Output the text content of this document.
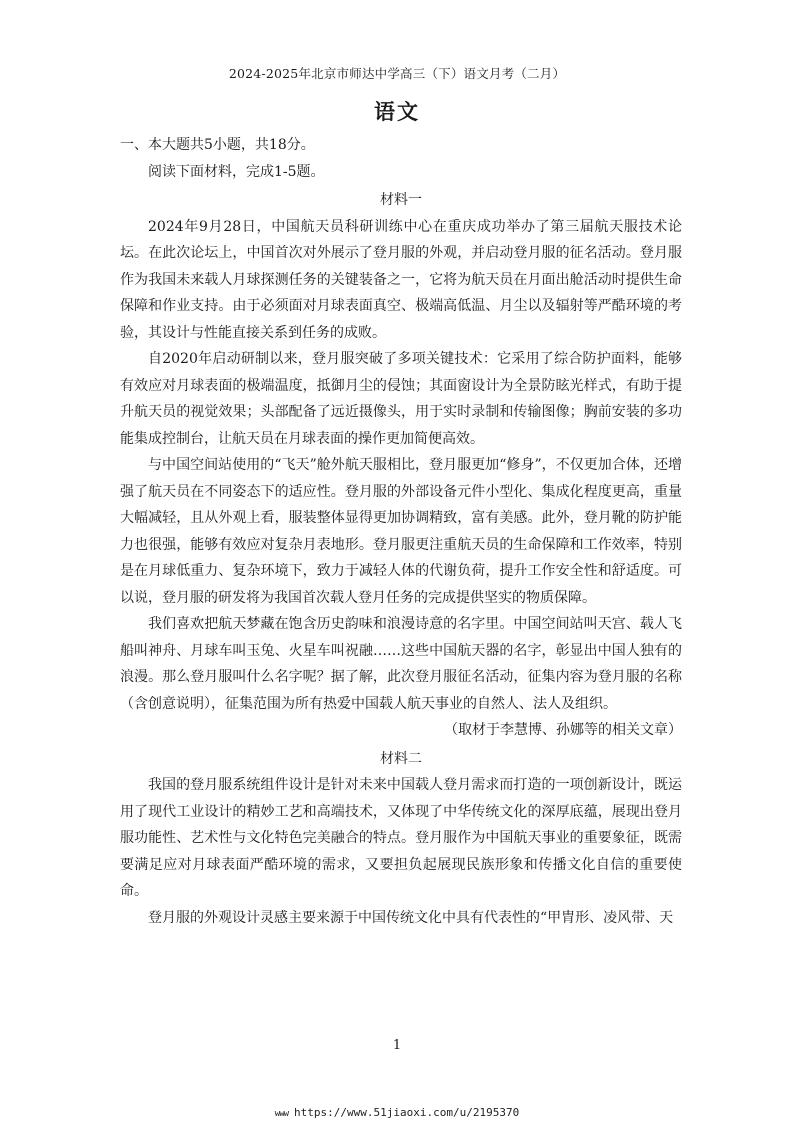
2024-2025年北京市师达中学高三（下）语文月考（二月）
语文

一、本大题共5小题，共18分。

阅读下面材料，完成1-5题。

材料一

2024年9月28日，中国航天员科研训练中心在重庆成功举办了第三届航天服技术论坛。在此次论坛上，中国首次对外展示了登月服的外观，并启动登月服的征名活动。登月服作为我国未来载人月球探测任务的关键装备之一，它将为航天员在月面出舱活动时提供生命保障和作业支持。由于必须面对月球表面真空、极端高低温、月尘以及辐射等严酷环境的考验，其设计与性能直接关系到任务的成败。

自2020年启动研制以来，登月服突破了多项关键技术：它采用了综合防护面料，能够有效应对月球表面的极端温度，抵御月尘的侵蚀；其面窗设计为全景防眩光样式，有助于提升航天员的视觉效果；头部配备了远近摄像头，用于实时录制和传输图像；胸前安装的多功能集成控制台，让航天员在月球表面的操作更加简便高效。

与中国空间站使用的“飞天”舱外航天服相比，登月服更加“修身”，不仅更加合体，还增强了航天员在不同姿态下的适应性。登月服的外部设备元件小型化、集成化程度更高，重量大幅减轻，且从外观上看，服装整体显得更加协调精致，富有美感。此外，登月靴的防护能力也很强，能够有效应对复杂月表地形。登月服更注重航天员的生命保障和工作效率，特别是在月球低重力、复杂环境下，致力于减轻人体的代谢负荷，提升工作安全性和舒适度。可以说，登月服的研发将为我国首次载人登月任务的完成提供坚实的物质保障。

我们喜欢把航天梦藏在饱含历史韵味和浪漫诗意的名字里。中国空间站叫天宫、载人飞船叫神舟、月球车叫玉兔、火星车叫祝融……这些中国航天器的名字，彰显出中国人独有的浪漫。那么登月服叫什么名字呢？据了解，此次登月服征名活动，征集内容为登月服的名称（含创意说明），征集范围为所有热爱中国载人航天事业的自然人、法人及组织。

（取材于李慧博、孙娜等的相关文章）

材料二

我国的登月服系统组件设计是针对未来中国载人登月需求而打造的一项创新设计，既运用了现代工业设计的精妙工艺和高端技术，又体现了中华传统文化的深厚底蕴，展现出登月服功能性、艺术性与文化特色完美融合的特点。登月服作为中国航天事业的重要象征，既需要满足应对月球表面严酷环境的需求，又要担负起展现民族形象和传播文化自信的重要使命。

登月服的外观设计灵感主要来源于中国传统文化中具有代表性的“甲胄形、凌风带、天

1
www https://www.51jiaoxi.com/u/2195370
